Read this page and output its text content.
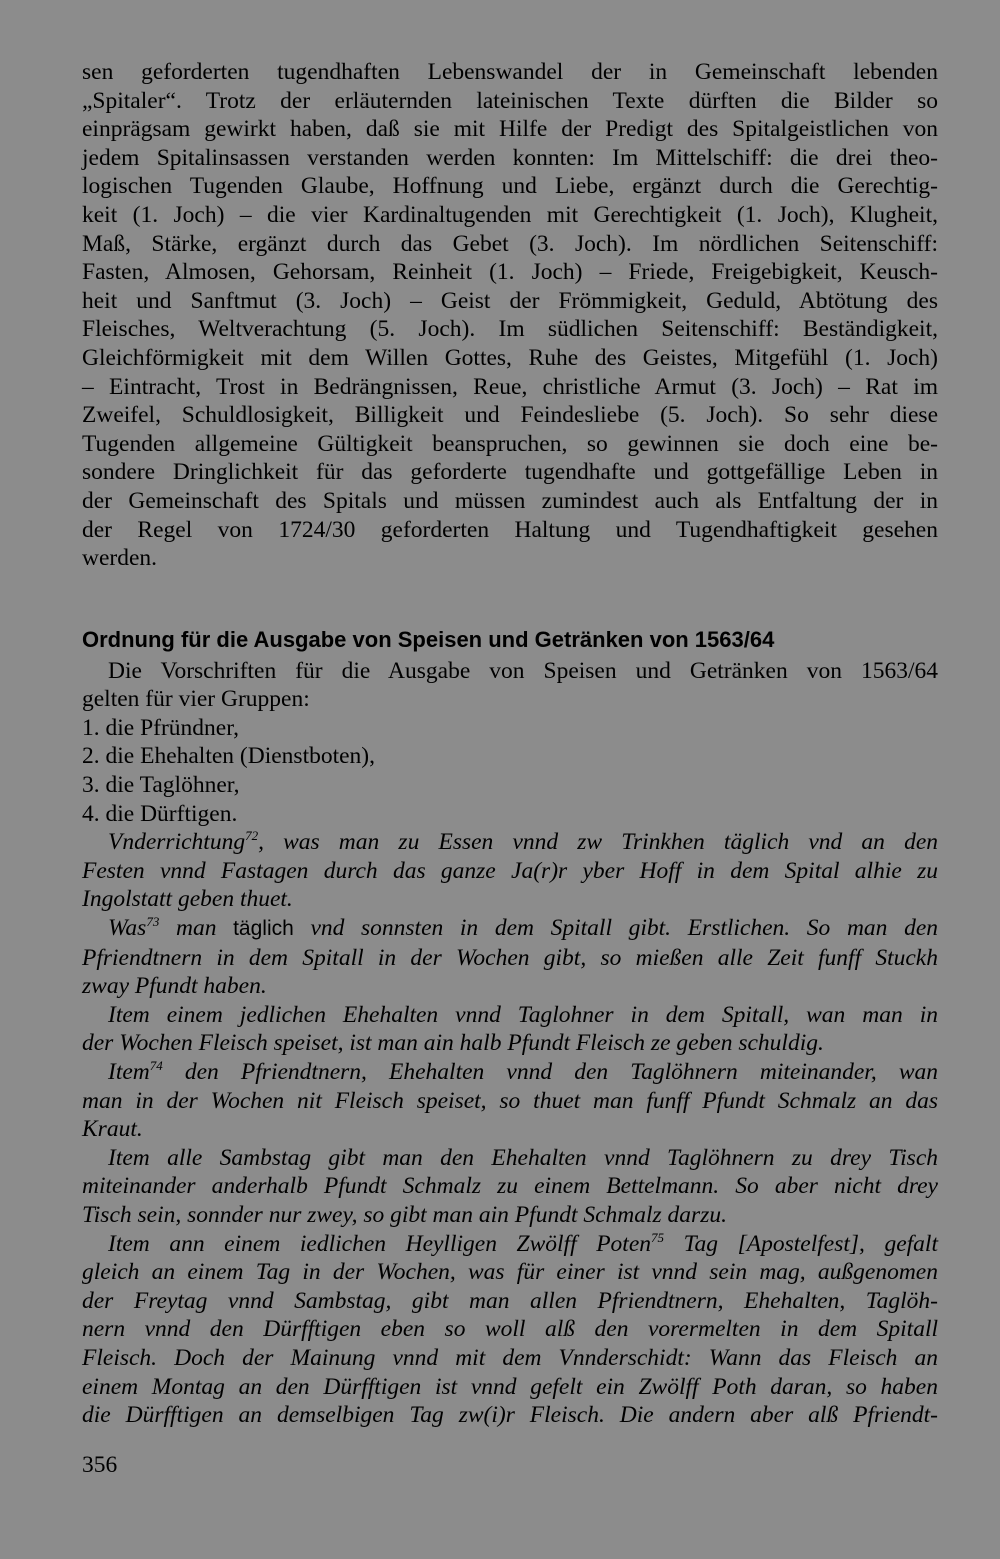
sen geforderten tugendhaften Lebenswandel der in Gemeinschaft lebenden
„Spitaler“. Trotz der erläuternden lateinischen Texte dürften die Bilder so
einprägsam gewirkt haben, daß sie mit Hilfe der Predigt des Spitalgeistlichen von
jedem Spitalinsassen verstanden werden konnten: Im Mittelschiff: die drei theo-
logischen Tugenden Glaube, Hoffnung und Liebe, ergänzt durch die Gerechtig-
keit (1. Joch) – die vier Kardinaltugenden mit Gerechtigkeit (1. Joch), Klugheit,
Maß, Stärke, ergänzt durch das Gebet (3. Joch). Im nördlichen Seitenschiff:
Fasten, Almosen, Gehorsam, Reinheit (1. Joch) – Friede, Freigebigkeit, Keusch-
heit und Sanftmut (3. Joch) – Geist der Frömmigkeit, Geduld, Abtötung des
Fleisches, Weltverachtung (5. Joch). Im südlichen Seitenschiff: Beständigkeit,
Gleichförmigkeit mit dem Willen Gottes, Ruhe des Geistes, Mitgefühl (1. Joch)
– Eintracht, Trost in Bedrängnissen, Reue, christliche Armut (3. Joch) – Rat im
Zweifel, Schuldlosigkeit, Billigkeit und Feindesliebe (5. Joch). So sehr diese
Tugenden allgemeine Gültigkeit beanspruchen, so gewinnen sie doch eine be-
sondere Dringlichkeit für das geforderte tugendhafte und gottgefällige Leben in
der Gemeinschaft des Spitals und müssen zumindest auch als Entfaltung der in
der Regel von 1724/30 geforderten Haltung und Tugendhaftigkeit gesehen
werden.
Ordnung für die Ausgabe von Speisen und Getränken von 1563/64
Die Vorschriften für die Ausgabe von Speisen und Getränken von 1563/64
gelten für vier Gruppen:
1. die Pfründner,
2. die Ehehalten (Dienstboten),
3. die Taglöhner,
4. die Dürftigen.
Vnderrichtung$^{72}$, was man zu Essen vnnd zw Trinkhen täglich vnd an den
Festen vnnd Fastagen durch das ganze Ja(r)r yber Hoff in dem Spital alhie zu
Ingolstatt geben thuet.
Was$^{73}$ man täglich vnd sonnsten in dem Spitall gibt. Erstlichen. So man den
Pfriendtnern in dem Spitall in der Wochen gibt, so mießen alle Zeit funff Stuckh
zway Pfundt haben.
Item einem jedlichen Ehehalten vnnd Taglohner in dem Spitall, wan man in
der Wochen Fleisch speiset, ist man ain halb Pfundt Fleisch ze geben schuldig.
Item$^{74}$ den Pfriendtnern, Ehehalten vnnd den Taglöhnern miteinander, wan
man in der Wochen nit Fleisch speiset, so thuet man funff Pfundt Schmalz an das
Kraut.
Item alle Sambstag gibt man den Ehehalten vnnd Taglöhnern zu drey Tisch
miteinander anderhalb Pfundt Schmalz zu einem Bettelmann. So aber nicht drey
Tisch sein, sonnder nur zwey, so gibt man ain Pfundt Schmalz darzu.
Item ann einem iedlichen Heylligen Zwölff Poten$^{75}$ Tag [Apostelfest], gefalt
gleich an einem Tag in der Wochen, was für einer ist vnnd sein mag, außgenomen
der Freytag vnnd Sambstag, gibt man allen Pfriendtnern, Ehehalten, Taglöh-
nern vnnd den Dürfftigen eben so woll alß den vorermelten in dem Spitall
Fleisch. Doch der Mainung vnnd mit dem Vnnderschidt: Wann das Fleisch an
einem Montag an den Dürfftigen ist vnnd gefelt ein Zwölff Poth daran, so haben
die Dürfftigen an demselbigen Tag zw(i)r Fleisch. Die andern aber alß Pfriendt-
356
